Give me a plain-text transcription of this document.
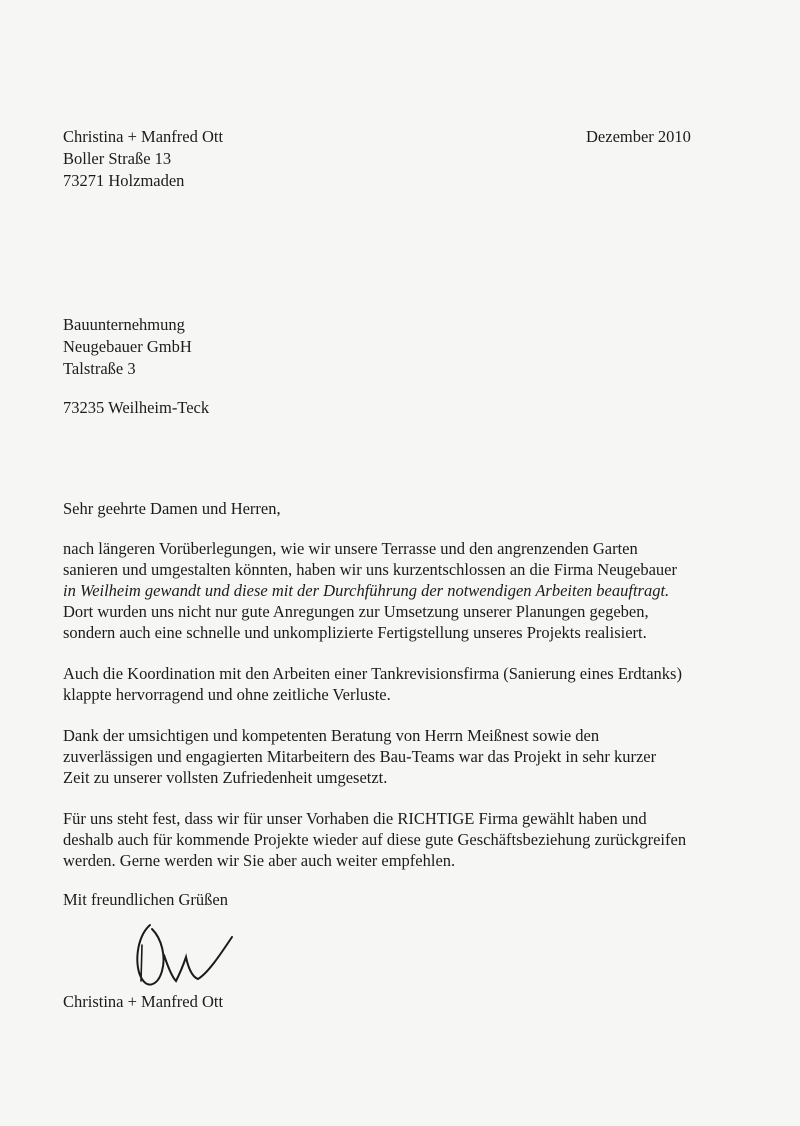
Christina + Manfred Ott
Boller Straße 13
73271 Holzmaden
Dezember 2010
Bauunternehmung
Neugebauer GmbH
Talstraße 3
73235 Weilheim-Teck
Sehr geehrte Damen und Herren,
nach längeren Vorüberlegungen, wie wir unsere Terrasse und den angrenzenden Garten
sanieren und umgestalten könnten, haben wir uns kurzentschlossen an die Firma Neugebauer
in Weilheim gewandt und diese mit der Durchführung der notwendigen Arbeiten beauftragt.
Dort wurden uns nicht nur gute Anregungen zur Umsetzung unserer Planungen gegeben,
sondern auch eine schnelle und unkomplizierte Fertigstellung unseres Projekts realisiert.
Auch die Koordination mit den Arbeiten einer Tankrevisionsfirma (Sanierung eines Erdtanks)
klappte hervorragend und ohne zeitliche Verluste.
Dank der umsichtigen und kompetenten Beratung von Herrn Meißnest sowie den
zuverlässigen und engagierten Mitarbeitern des Bau-Teams war das Projekt in sehr kurzer
Zeit zu unserer vollsten Zufriedenheit umgesetzt.
Für uns steht fest, dass wir für unser Vorhaben die RICHTIGE Firma gewählt haben und
deshalb auch für kommende Projekte wieder auf diese gute Geschäftsbeziehung zurückgreifen
werden. Gerne werden wir Sie aber auch weiter empfehlen.
Mit freundlichen Grüßen
Christina + Manfred Ott
